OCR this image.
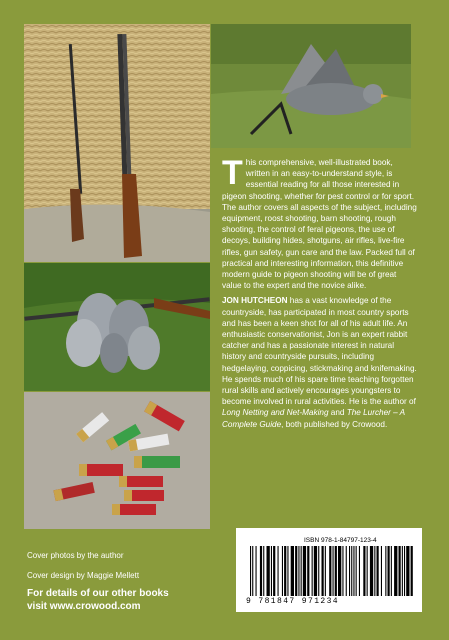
This comprehensive, well-illustrated book, written in an easy-to-understand style, is essential reading for all those interested in pigeon shooting, whether for pest control or for sport. The author covers all aspects of the subject, including equipment, roost shooting, barn shooting, rough shooting, the control of feral pigeons, the use of decoys, building hides, shotguns, air rifles, live-fire rifles, gun safety, gun care and the law. Packed full of practical and interesting information, this definitive modern guide to pigeon shooting will be of great value to the expert and the novice alike.

JON HUTCHEON has a vast knowledge of the countryside, has participated in most country sports and has been a keen shot for all of his adult life. An enthusiastic conservationist, Jon is an expert rabbit catcher and has a passionate interest in natural history and countryside pursuits, including hedgelaying, coppicing, stickmaking and knifemaking. He spends much of his spare time teaching forgotten rural skills and actively encourages youngsters to become involved in rural activities. He is the author of Long Netting and Net-Making and The Lurcher – A Complete Guide, both published by Crowood.

Cover photos by the author
Cover design by Maggie Mellett
For details of our other books
visit www.crowood.com
ISBN 978-1-84797-123-4
9 781847 971234
